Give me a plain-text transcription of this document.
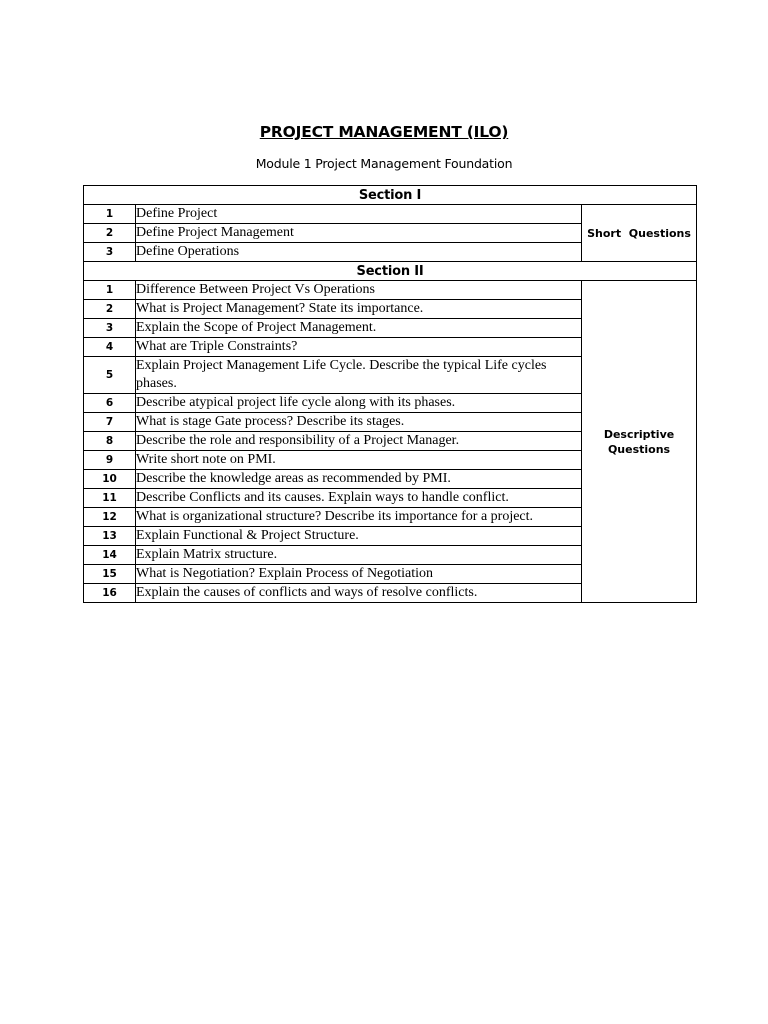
PROJECT MANAGEMENT (ILO)
Module 1 Project Management Foundation
Section I		
1	Define Project	Short  Questions
2	Define Project Management	
3	Define Operations	
Section II		
1	Difference Between Project Vs Operations	Descriptive
Questions
2	What is Project Management? State its importance.	
3	Explain the Scope of Project Management.	
4	What are Triple Constraints?	
5	Explain Project Management Life Cycle. Describe the typical Life cycles phases.	
6	Describe atypical project life cycle along with its phases.	
7	What is stage Gate process? Describe its stages.	
8	Describe the role and responsibility of a Project Manager.	
9	Write short note on PMI.	
10	Describe the knowledge areas as recommended by PMI.	
11	Describe Conflicts and its causes. Explain ways to handle conflict.	
12	What is organizational structure? Describe its importance for a project.	
13	Explain Functional & Project Structure.	
14	Explain Matrix structure.	
15	What is Negotiation? Explain Process of Negotiation	
16	Explain the causes of conflicts and ways of resolve conflicts.	
